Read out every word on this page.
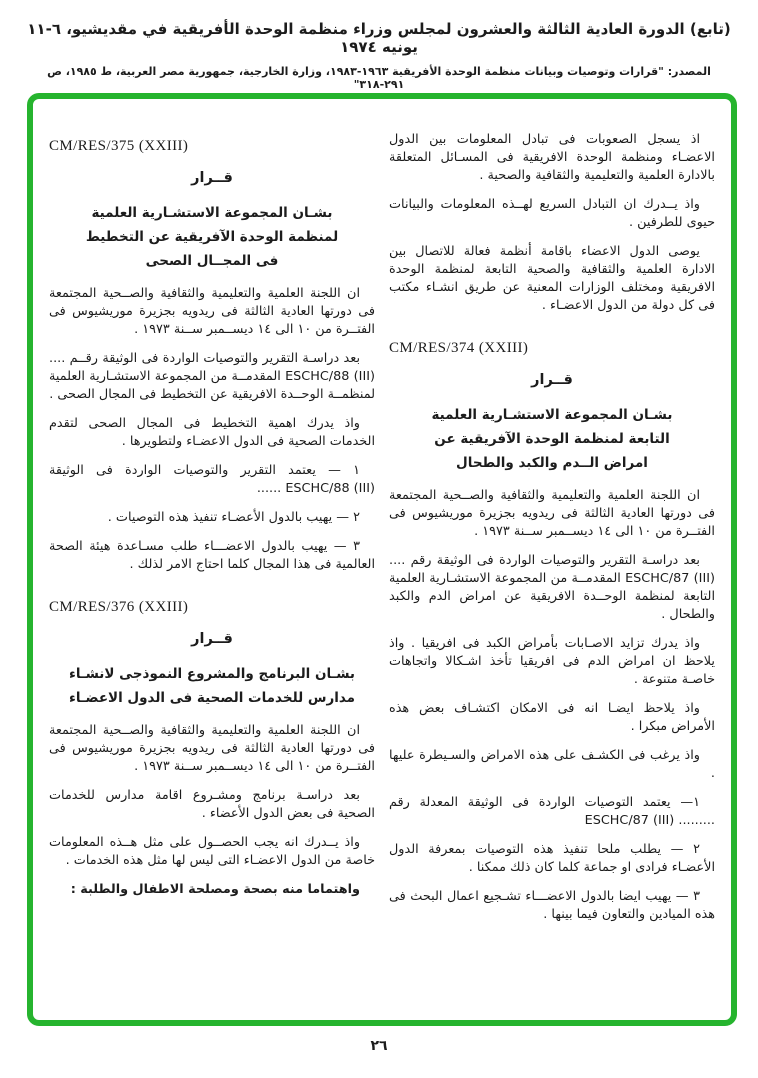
(تابع) الدورة العادية الثالثة والعشرون لمجلس وزراء منظمة الوحدة الأفريقية في مقديشيو، ٦-١١ يونيه ١٩٧٤
المصدر: "قرارات وتوصيات وبيانات منظمة الوحدة الأفريقية ١٩٦٣-١٩٨٣، وزارة الخارجية، جمهورية مصر العربية، ط ١٩٨٥، ص ٢٩١-٣١٨"

اذ يسجل الصعوبات فى تبادل المعلومات بين الدول الاعضـاء ومنظمة الوحدة الافريقية فى المسـائل المتعلقة بالادارة العلمية والتعليمية والثقافية والصحية .

واذ يــدرك ان التبادل السريع لهــذه المعلومات والبيانات حيوى للطرفين .

يوصى الدول الاعضاء باقامة أنظمة فعالة للاتصال بين الادارة العلمية والثقافية والصحية التابعة لمنظمة الوحدة الافريقية ومختلف الوزارات المعنية عن طريق انشـاء مكتب فى كل دولة من الدول الاعضـاء .

CM/RES/374 (XXIII)

قــرار

بشـان المجموعة الاستشـارية العلمية
التابعة لمنظمة الوحدة الآفريقية عن
امراض الــدم والكبد والطحال

ان اللجنة العلمية والتعليمية والثقافية والصــحية المجتمعة فى دورتها العادية الثالثة فى ريدويه بجزيرة موريشيوس فى الفتــرة من ١٠ الى ١٤ ديســمبر ســنة ١٩٧٣ .

بعد دراسـة التقرير والتوصيات الواردة فى الوثيقة رقم .... ESCHC/87 (III) المقدمــة من المجموعة الاستشـارية العلمية التابعة لمنظمة الوحــدة الافريقية عن امراض الدم والكبد والطحال .

واذ يدرك تزايد الاصـابات بأمراض الكبد فى افريقيا . واذ يلاحظ ان امراض الدم فى افريقيا تأخذ اشـكالا واتجاهات خاصـة متنوعة .

واذ يلاحظ ايضـا انه فى الامكان اكتشـاف بعض هذه الأمراض مبكرا .

واذ يرغب فى الكشـف على هذه الامراض والسـيطرة عليها .

١— يعتمد التوصيات الواردة فى الوثيقة المعدلة رقم ......... ESCHC/87 (III)

٢ — يطلب ملحا تنفيذ هذه التوصيات بمعرفة الدول الأعضـاء فرادى او جماعة كلما كان ذلك ممكنا .

٣ — يهيب ايضا بالدول الاعضـــاء تشـجيع اعمال البحث فى هذه الميادين والتعاون فيما بينها .

CM/RES/375 (XXIII)

قــرار

بشـان المجموعة الاستشـارية العلمية
لمنظمة الوحدة الآفريقية عن التخطيط
فى المجــال الصحى

ان اللجنة العلمية والتعليمية والثقافية والصــحية المجتمعة فى دورتها العادية الثالثة فى ريدويه بجزيرة موريشيوس فى الفتــرة من ١٠ الى ١٤ ديســمبر ســنة ١٩٧٣ .

بعد دراسـة التقرير والتوصيات الواردة فى الوثيقة رقــم .... ESCHC/88 (III) المقدمــة من المجموعة الاستشـارية العلمية لمنظمــة الوحــدة الافريقية عن التخطيط فى المجال الصحى .

واذ يدرك اهمية التخطيط فى المجال الصحى لتقدم الخدمات الصحية فى الدول الاعضـاء ولتطويرها .

١ — يعتمد التقرير والتوصيات الواردة فى الوثيقة ESCHC/88 (III) ......

٢ — يهيب بالدول الأعضـاء تنفيذ هذه التوصيات .

٣ — يهيب بالدول الاعضـــاء طلب مسـاعدة هيئة الصحة العالمية فى هذا المجال كلما احتاج الامر لذلك .

CM/RES/376 (XXIII)

قــرار

بشـان البرنامج والمشروع النموذجى لانشـاء
مدارس للخدمات الصحية فى الدول الاعضـاء

ان اللجنة العلمية والتعليمية والثقافية والصــحية المجتمعة فى دورتها العادية الثالثة فى ريدويه بجزيرة موريشيوس فى الفتــرة من ١٠ الى ١٤ ديســمبر ســنة ١٩٧٣ .

بعد دراسـة برنامج ومشـروع اقامة مدارس للخدمات الصحية فى بعض الدول الأعضاء .

واذ يــدرك انه يجب الحصــول على مثل هــذه المعلومات خاصة من الدول الاعضـاء التى ليس لها مثل هذه الخدمات .

واهتماما منه بصحة ومصلحة الاطفال والطلبة :

٢٦
